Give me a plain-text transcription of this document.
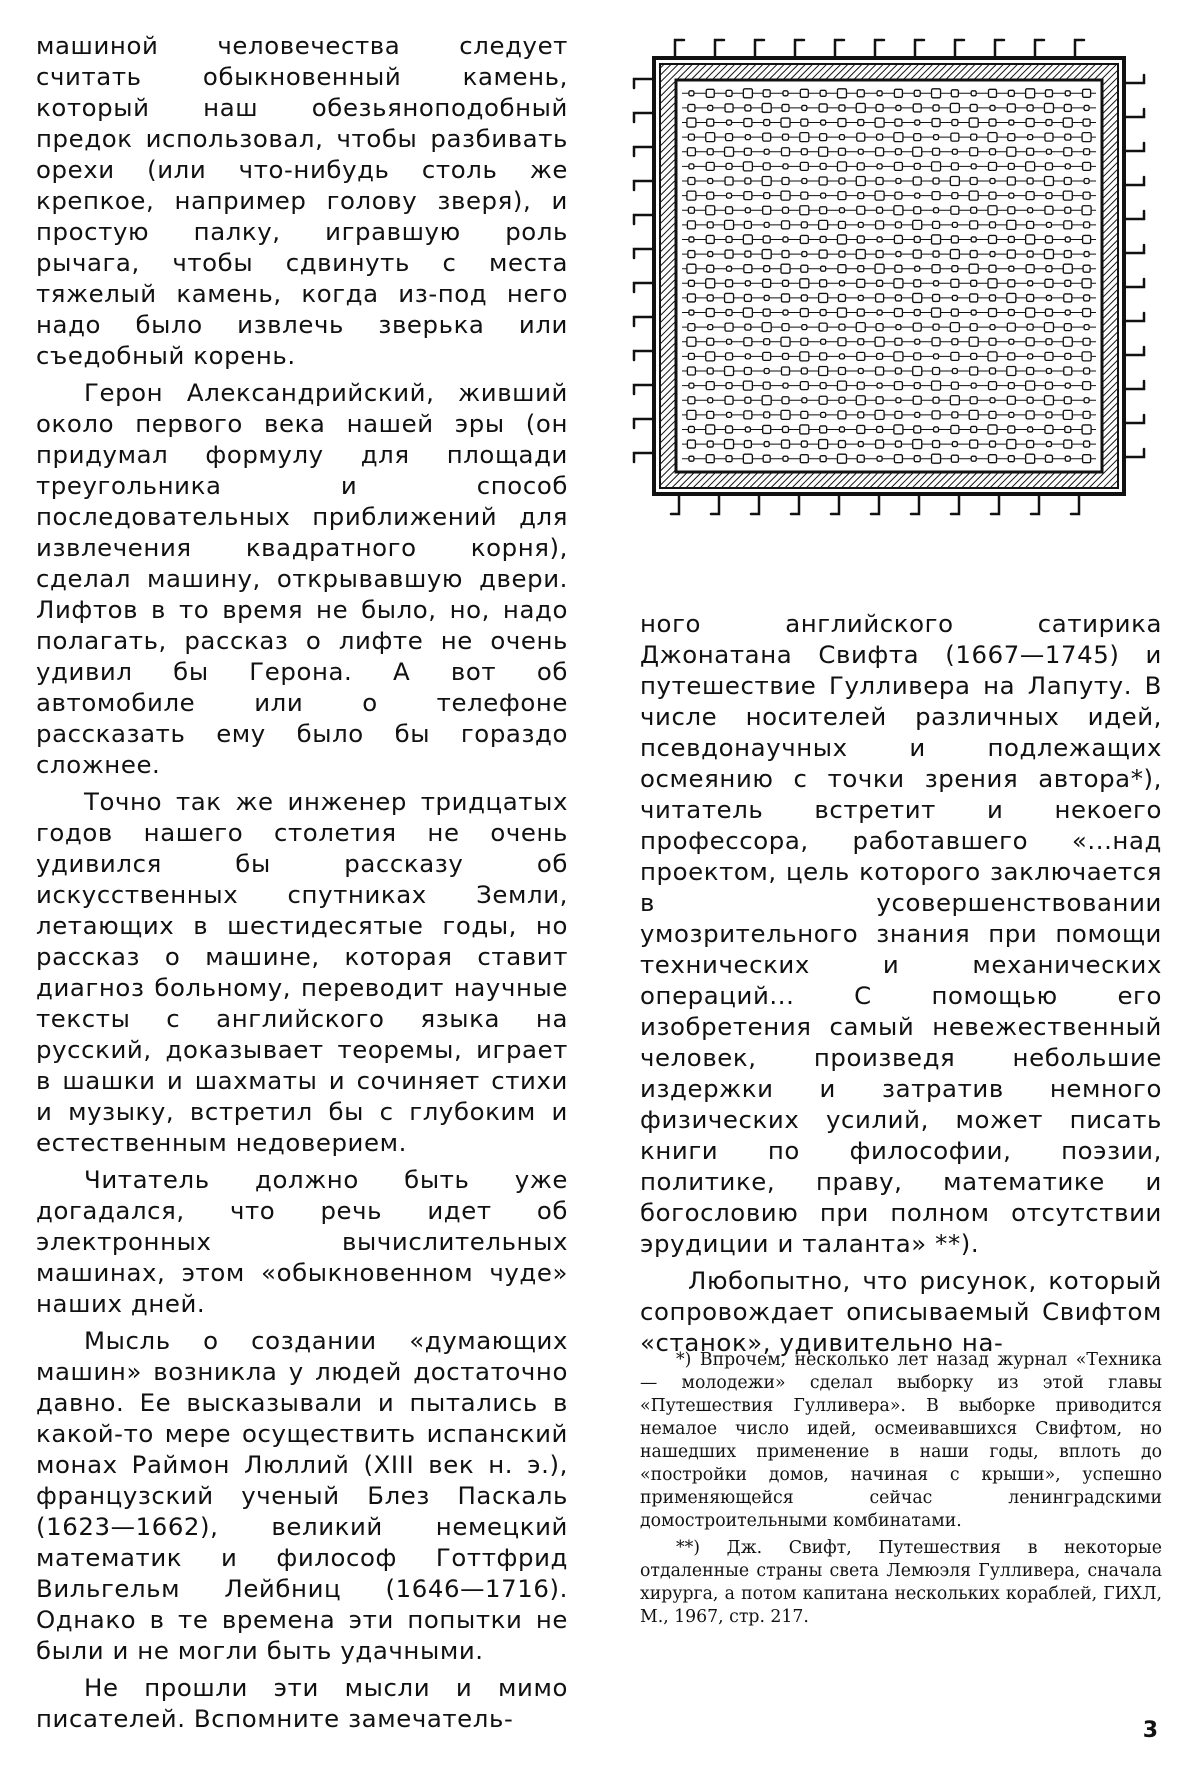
машиной человечества следует считать обыкновенный камень, который наш обезьяноподобный предок использовал, чтобы разбивать орехи (или что-нибудь столь же крепкое, например голову зверя), и простую палку, игравшую роль рычага, чтобы сдвинуть с места тяжелый камень, когда из-под него надо было извлечь зверька или съедобный корень.

Герон Александрийский, живший около первого века нашей эры (он придумал формулу для площади треугольника и способ последовательных приближений для извлечения квадратного корня), сделал машину, открывавшую двери. Лифтов в то время не было, но, надо полагать, рассказ о лифте не очень удивил бы Герона. А вот об автомобиле или о телефоне рассказать ему было бы гораздо сложнее.

Точно так же инженер тридцатых годов нашего столетия не очень удивился бы рассказу об искусственных спутниках Земли, летающих в шестидесятые годы, но рассказ о машине, которая ставит диагноз больному, переводит научные тексты с английского языка на русский, доказывает теоремы, играет в шашки и шахматы и сочиняет стихи и музыку, встретил бы с глубоким и естественным недоверием.

Читатель должно быть уже догадался, что речь идет об электронных вычислительных машинах, этом «обыкновенном чуде» наших дней.

Мысль о создании «думающих машин» возникла у людей достаточно давно. Ее высказывали и пытались в какой-то мере осуществить испанский монах Раймон Люллий (XIII век н. э.), французский ученый Блез Паскаль (1623—1662), великий немецкий математик и философ Готтфрид Вильгельм Лейбниц (1646—1716). Однако в те времена эти попытки не были и не могли быть удачными.

Не прошли эти мысли и мимо писателей. Вспомните замечатель-

ного английского сатирика Джонатана Свифта (1667—1745) и путешествие Гулливера на Лапуту. В числе носителей различных идей, псевдонаучных и подлежащих осмеянию с точки зрения автора*), читатель встретит и некоего профессора, работавшего «...над проектом, цель которого заключается в усовершенствовании умозрительного знания при помощи технических и механических операций... С помощью его изобретения самый невежественный человек, произведя небольшие издержки и затратив немного физических усилий, может писать книги по философии, поэзии, политике, праву, математике и богословию при полном отсутствии эрудиции и таланта» **).

Любопытно, что рисунок, который сопровождает описываемый Свифтом «станок», удивительно на-

*) Впрочем, несколько лет назад журнал «Техника — молодежи» сделал выборку из этой главы «Путешествия Гулливера». В выборке приводится немалое число идей, осмеивавшихся Свифтом, но нашедших применение в наши годы, вплоть до «постройки домов, начиная с крыши», успешно применяющейся сейчас ленинградскими домостроительными комбинатами.

**) Дж. Свифт, Путешествия в некоторые отдаленные страны света Лемюэля Гулливера, сначала хирурга, а потом капитана нескольких кораблей, ГИХЛ, М., 1967, стр. 217.

3
